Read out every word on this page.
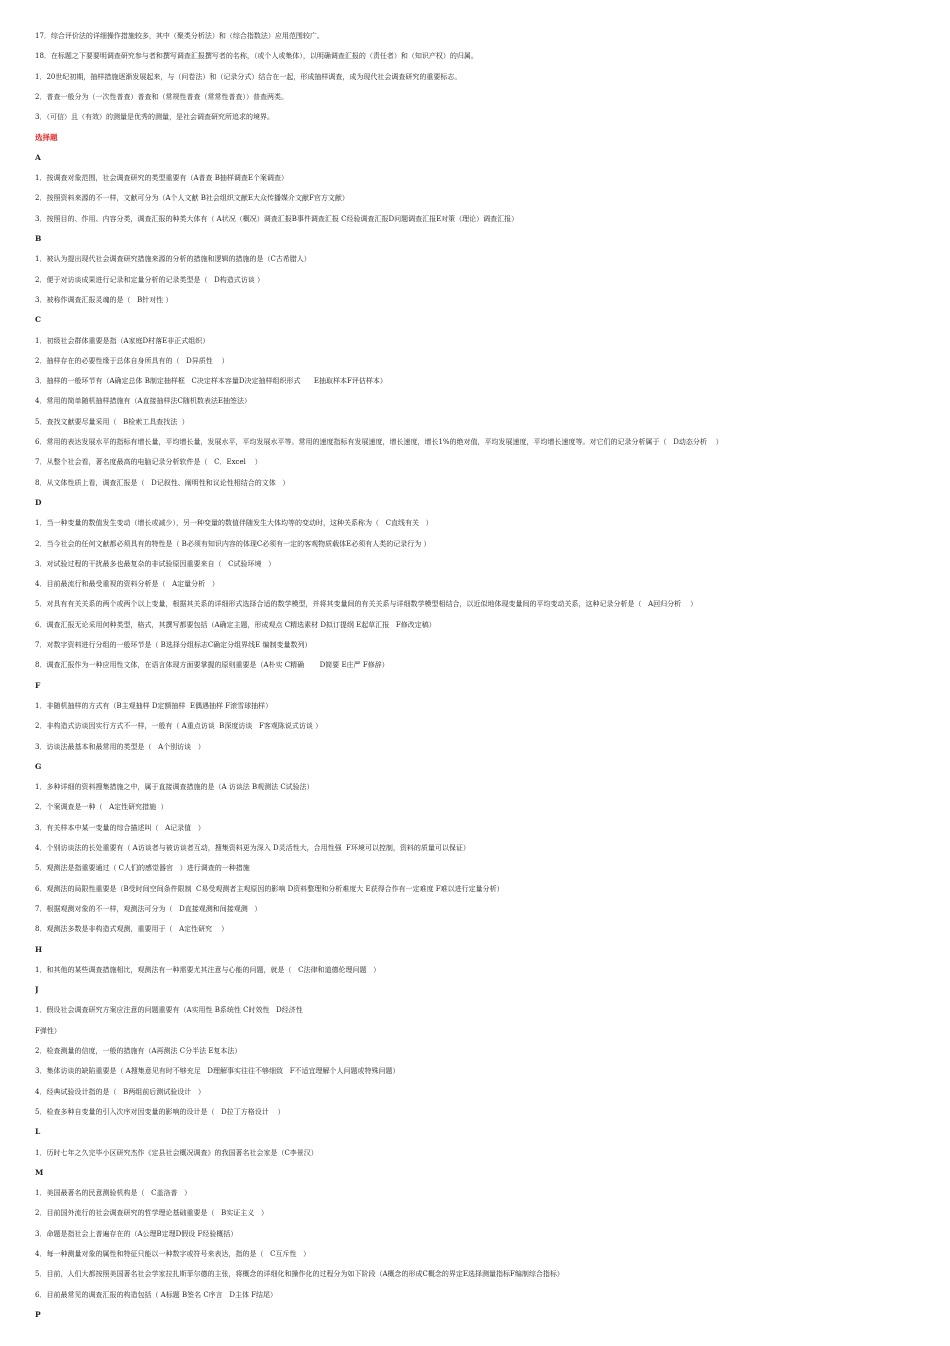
17．综合评价法的详细操作措施较多，其中（聚类分析法）和（综合指数法）应用范围较广。
18．在标题之下要要明调查研究参与者和撰写调查汇报撰写者的名称，（或个人或集体），以明确调查汇报的（责任者）和（知识产权）的归属。
1．20世纪初期，抽样措施逐渐发展起来，与（问卷法）和（记录分式）结合在一起，形成抽样调查，成为现代社会调查研究的重要标志。
2．普查一般分为（一次性普查）普查和（常规性普查（常常性普查））普查两类。
3．（可信）且（有效）的测量是优秀的测量，是社会调查研究所追求的境界。
选择题
A
1．按调查对象范围，社会调查研究的类型重要有（A普查 B抽样调查E个案调查）
2．按照资料来源的不一样，文献可分为（A个人文献 B社会组织文献E大众传播媒介文献F官方文献）
3．按照目的、作用、内容分类，调查汇报的种类大体有（ A状况（概况）调查汇报B事件调查汇报 C经验调查汇报D问题调查汇报E对策（理论）调查汇报）
B
1．被认为提出现代社会调查研究措施来源的分析的措施和逻辑的措施的是（C古希腊人）
2．便于对访谈成果进行记录和定量分析的记录类型是（   D构造式访谈 ）
3．被称作调查汇报灵魂的是（   B针对性 ）
C
1．初级社会群体重要是指（A家庭D村落E非正式组织）
2．抽样存在的必要性缘于总体自身所具有的（   D异质性    ）
3．抽样的一般环节有（A确定总体 B制定抽样框   C决定样本容量D决定抽样组织形式      E抽取样本F评估样本）
4．常用的简单随机抽样措施有（A直接抽样法C随机数表法E抽签法）
5．查找文献要尽量采用（   B检索工具查找法  ）
6．常用的表达发展水平的指标有增长量，平均增长量，发展水平，平均发展水平等。常用的速度指标有发展速度，增长速度，增长1%的绝对值，平均发展速度，平均增长速度等。对它们的记录分析属于（   D动态分析    ）
7．从整个社会看，著名度最高的电脑记录分析软件是（   C．Excel    ）
8．从文体性质上看，调查汇报是（   D记叙性、阐明性和议论性相结合的文体   ）
D
1．当一种变量的数值发生变动（增长或减少），另一种变量的数值伴随发生大体均等的变动时，这种关系称为（   C直线有关   ）
2．当今社会的任何文献都必须具有的特性是（ B必须有知识内容的体现C必须有一定的客观物质载体E必须有人类的记录行为 ）
3．对试验过程的干扰最多也最复杂的非试验原因重要来自（   C试验环境   ）
4．目前最流行和最受重视的资料分析是（   A定量分析   ）
5．对具有有关关系的两个或两个以上变量，根据其关系的详细形式选择合适的数学模型，并将其变量间的有关关系与详细数学模型相结合，以近似地体现变量间的平均变动关系，这种记录分析是（   A回归分析    ）
6．调查汇报无论采用何种类型，格式，其撰写都要包括（A确定主题，形成观点 C精选素材 D拟订提纲 E起草汇报   F修改定稿）
7．对数字资料进行分组的一般环节是（ B选择分组标志C确定分组界线E 编制变量数列）
8．调查汇报作为一种应用性文体，在语言体现方面要掌握的原则重要是（A朴实 C精确       D简要 E庄严 F修辞）
F
1．非随机抽样的方式有（B主观抽样 D定额抽样  E偶遇抽样 F滚雪球抽样）
2．非构造式访谈因实行方式不一样，一般有（ A重点访谈  B深度访谈   F客观陈说式访谈 ）
3．访谈法最基本和最常用的类型是（   A个别访谈   ）
G
1．多种详细的资料搜集措施之中，属于直接调查措施的是（A 访谈法 B观测法 C试验法）
2．个案调查是一种（   A定性研究措施  ）
3．有关样本中某一变量的综合描述叫（   A记录值   ）
4．个别访谈法的长处重要有（ A访谈者与被访谈者互动，搜集资料更为深入 D灵活性大，合用性强  F环境可以控制，资料的质量可以保证）
5．观测法是指重要通过（ C人们的感觉器官   ）进行调查的一种措施
6．观测法的局限性重要是（B受时间空间条件限制  C易受观测者主观原因的影响 D资料整理和分析难度大 E获得合作有一定难度 F难以进行定量分析）
7．根据观测对象的不一样，观测法可分为（   D直接观测和间接观测   ）
8．观测法多数是非构造式观测，重要用于（   A定性研究    ）
H
1．和其他的某些调查措施相比，观测法有一种需要尤其注意与心能的问题，就是（   C法律和道德伦理问题   ）
J
1．假设社会调查研究方案应注意的问题重要有（A实用性 B系统性 C时效性   D经济性
F弹性）
2．检查测量的信度，一般的措施有（A再测法 C分半法 E复本法）
3．集体访谈的缺陷重要是（ A搜集意见有时不够充足   D理解事实往往不够细致   F不适宜理解个人问题或特殊问题）
4．经典试验设计指的是（   B两组前后测试验设计   ）
5．检查多种自变量的引入次序对因变量的影响的设计是（   D拉丁方格设计    ）
L
1．历时七年之久完毕小区研究杰作《定县社会概况调查》的我国著名社会家是（C李景汉）
M
1．美国最著名的民意测验机构是（   C盖洛普   ）
2．目前国外流行的社会调查研究的哲学理论基础重要是（   B实证主义   ）
3．命题是指社会上普遍存在的（A公理B定理D假设 F经验概括）
4．每一种测量对象的属性和特征只能以一种数字或符号来表达，指的是（   C互斥性   ）
5．目前，人们大都按照美国著名社会学家拉扎斯菲尔德的主张，将概念的详细化和操作化的过程分为如下阶段（A概念的形成C概念的界定E选择测量指标F编制综合指标）
6．目前最常见的调查汇报的构造包括（ A标题 B签名 C序言   D主体 F结尾）
P
